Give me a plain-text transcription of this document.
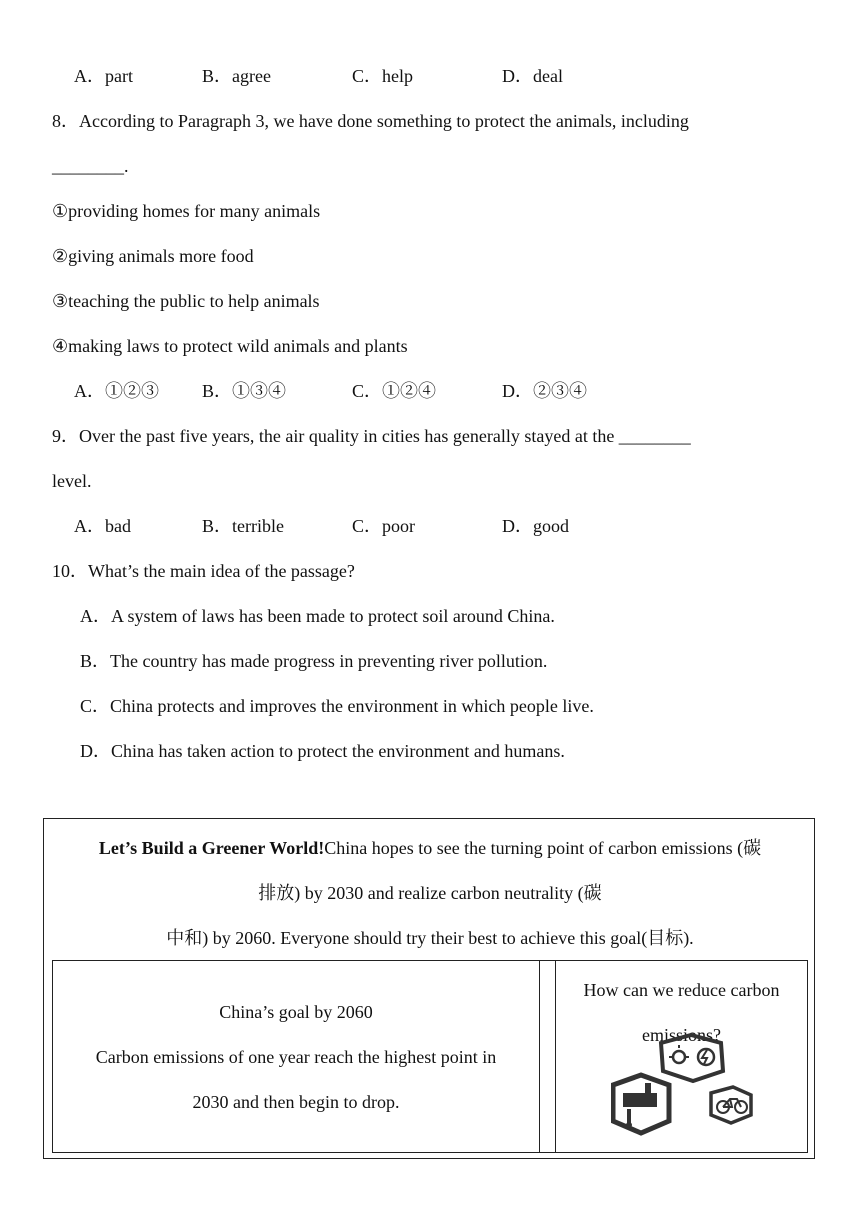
A．part	B．agree	C．help	D．deal
8．According to Paragraph 3, we have done something to protect the animals, including
________.
①providing homes for many animals
②giving animals more food
③teaching the public to help animals
④making laws to protect wild animals and plants
A．①②③ B．①③④	C．①②④	D．②③④
9．Over the past five years, the air quality in cities has generally stayed at the ________
level.
A．bad	B．terrible	C．poor	D．good
10．What’s the main idea of the passage?
A．A system of laws has been made to protect soil around China.
B．The country has made progress in preventing river pollution.
C．China protects and improves the environment in which people live.
D．China has taken action to protect the environment and humans.
Let’s Build a Greener World!China hopes to see the turning point of carbon emissions (碳
排放) by 2030 and realize carbon neutrality (碳
中和) by 2060. Everyone should try their best to achieve this goal(目标).
China’s goal by 2060
Carbon emissions of one year reach the highest point in
2030 and then begin to drop.
How can we reduce carbon
emissions?
